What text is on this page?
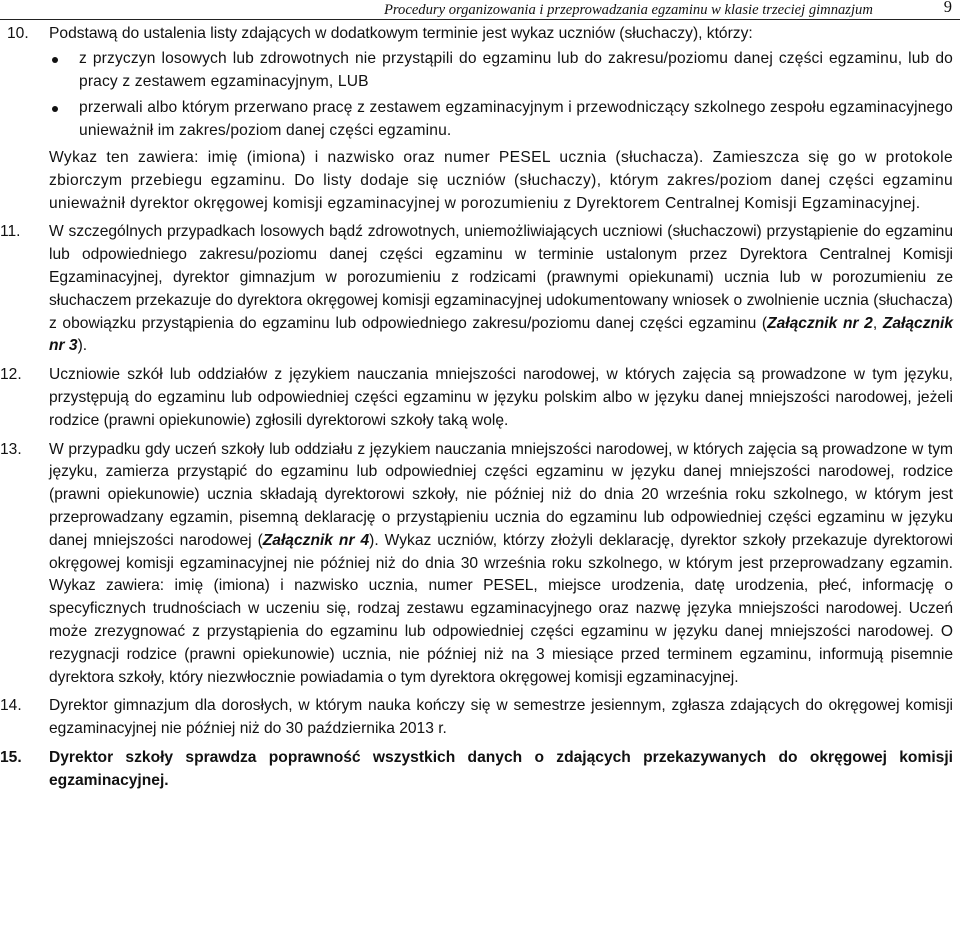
Procedury organizowania i przeprowadzania egzaminu w klasie trzeciej gimnazjum	9
10. Podstawą do ustalenia listy zdających w dodatkowym terminie jest wykaz uczniów (słuchaczy), którzy:
z przyczyn losowych lub zdrowotnych nie przystąpili do egzaminu lub do zakresu/poziomu danej części egzaminu, lub do pracy z zestawem egzaminacyjnym, LUB
przerwali albo którym przerwano pracę z zestawem egzaminacyjnym i przewodniczący szkolnego zespołu egzaminacyjnego unieważnił im zakres/poziom danej części egzaminu.
Wykaz ten zawiera: imię (imiona) i nazwisko oraz numer PESEL ucznia (słuchacza). Zamieszcza się go w protokole zbiorczym przebiegu egzaminu. Do listy dodaje się uczniów (słuchaczy), którym zakres/poziom danej części egzaminu unieważnił dyrektor okręgowej komisji egzaminacyjnej w porozumieniu z Dyrektorem Centralnej Komisji Egzaminacyjnej.
11. W szczególnych przypadkach losowych bądź zdrowotnych, uniemożliwiających uczniowi (słuchaczowi) przystąpienie do egzaminu lub odpowiedniego zakresu/poziomu danej części egzaminu w terminie ustalonym przez Dyrektora Centralnej Komisji Egzaminacyjnej, dyrektor gimnazjum w porozumieniu z rodzicami (prawnymi opiekunami) ucznia lub w porozumieniu ze słuchaczem przekazuje do dyrektora okręgowej komisji egzaminacyjnej udokumentowany wniosek o zwolnienie ucznia (słuchacza) z obowiązku przystąpienia do egzaminu lub odpowiedniego zakresu/poziomu danej części egzaminu (Załącznik nr 2, Załącznik nr 3).
12. Uczniowie szkół lub oddziałów z językiem nauczania mniejszości narodowej, w których zajęcia są prowadzone w tym języku, przystępują do egzaminu lub odpowiedniej części egzaminu w języku polskim albo w języku danej mniejszości narodowej, jeżeli rodzice (prawni opiekunowie) zgłosili dyrektorowi szkoły taką wolę.
13. W przypadku gdy uczeń szkoły lub oddziału z językiem nauczania mniejszości narodowej, w których zajęcia są prowadzone w tym języku, zamierza przystąpić do egzaminu lub odpowiedniej części egzaminu w języku danej mniejszości narodowej, rodzice (prawni opiekunowie) ucznia składają dyrektorowi szkoły, nie później niż do dnia 20 września roku szkolnego, w którym jest przeprowadzany egzamin, pisemną deklarację o przystąpieniu ucznia do egzaminu lub odpowiedniej części egzaminu w języku danej mniejszości narodowej (Załącznik nr 4). Wykaz uczniów, którzy złożyli deklarację, dyrektor szkoły przekazuje dyrektorowi okręgowej komisji egzaminacyjnej nie później niż do dnia 30 września roku szkolnego, w którym jest przeprowadzany egzamin. Wykaz zawiera: imię (imiona) i nazwisko ucznia, numer PESEL, miejsce urodzenia, datę urodzenia, płeć, informację o specyficznych trudnościach w uczeniu się, rodzaj zestawu egzaminacyjnego oraz nazwę języka mniejszości narodowej. Uczeń może zrezygnować z przystąpienia do egzaminu lub odpowiedniej części egzaminu w języku danej mniejszości narodowej. O rezygnacji rodzice (prawni opiekunowie) ucznia, nie później niż na 3 miesiące przed terminem egzaminu, informują pisemnie dyrektora szkoły, który niezwłocznie powiadamia o tym dyrektora okręgowej komisji egzaminacyjnej.
14. Dyrektor gimnazjum dla dorosłych, w którym nauka kończy się w semestrze jesiennym, zgłasza zdających do okręgowej komisji egzaminacyjnej nie później niż do 30 października 2013 r.
15. Dyrektor szkoły sprawdza poprawność wszystkich danych o zdających przekazywanych do okręgowej komisji egzaminacyjnej.
